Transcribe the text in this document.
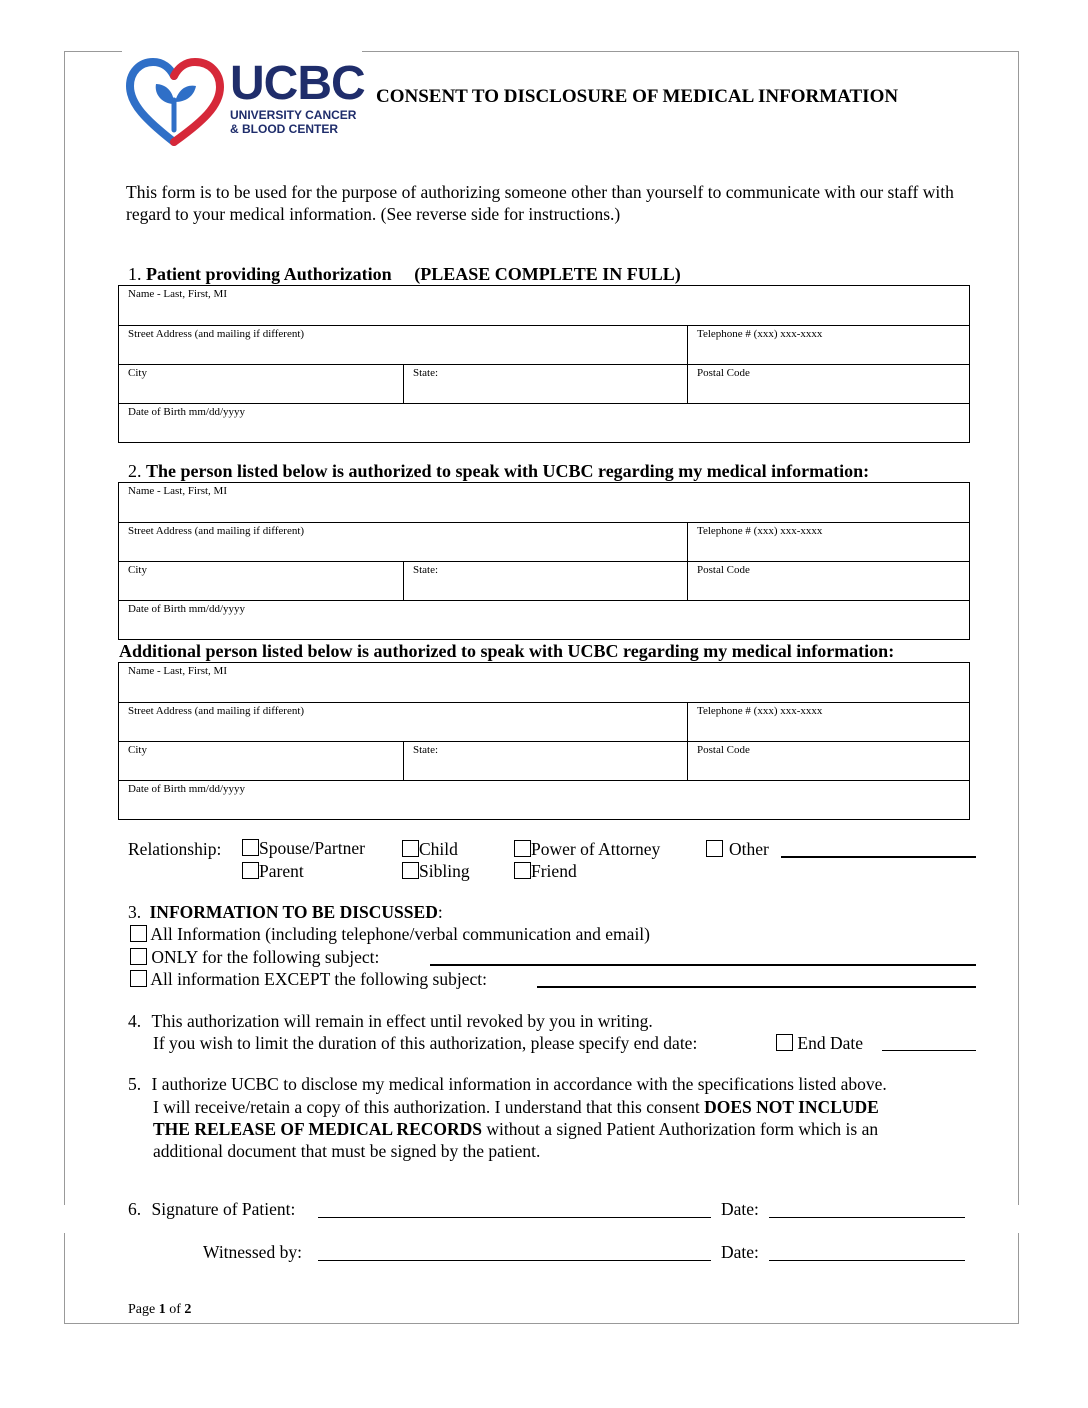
UCBC
UNIVERSITY CANCER
& BLOOD CENTER
CONSENT TO DISCLOSURE OF MEDICAL INFORMATION
This form is to be used for the purpose of authorizing someone other than yourself to communicate with our staff with regard to your medical information. (See reverse side for instructions.)
1. Patient providing Authorization (PLEASE COMPLETE IN FULL)
Name - Last, First, MI
Street Address (and mailing if different)	Telephone # (xxx) xxx-xxxx
City	State:	Postal Code
Date of Birth mm/dd/yyyy
2. The person listed below is authorized to speak with UCBC regarding my medical information:
Name - Last, First, MI
Street Address (and mailing if different)	Telephone # (xxx) xxx-xxxx
City	State:	Postal Code
Date of Birth mm/dd/yyyy
Additional person listed below is authorized to speak with UCBC regarding my medical information:
Name - Last, First, MI
Street Address (and mailing if different)	Telephone # (xxx) xxx-xxxx
City	State:	Postal Code
Date of Birth mm/dd/yyyy
Relationship:	Spouse/Partner	Child	Power of Attorney	Other
Parent	Sibling	Friend
3. INFORMATION TO BE DISCUSSED:
All Information (including telephone/verbal communication and email)
ONLY for the following subject:
All information EXCEPT the following subject:
4. This authorization will remain in effect until revoked by you in writing.
If you wish to limit the duration of this authorization, please specify end date:	End Date
5. I authorize UCBC to disclose my medical information in accordance with the specifications listed above.
I will receive/retain a copy of this authorization. I understand that this consent DOES NOT INCLUDE
THE RELEASE OF MEDICAL RECORDS without a signed Patient Authorization form which is an
additional document that must be signed by the patient.
6. Signature of Patient:	Date:
Witnessed by:	Date:
Page 1 of 2
